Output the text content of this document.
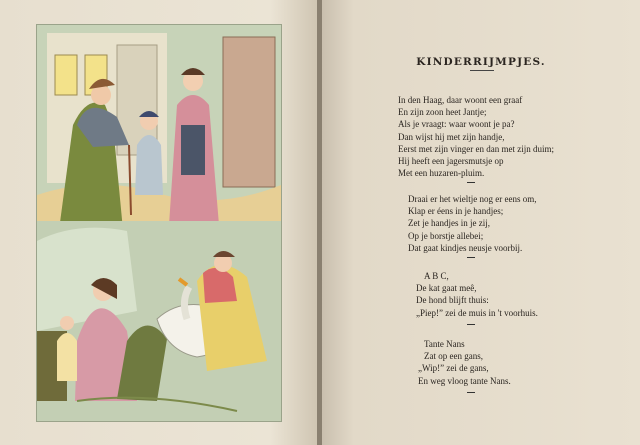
KINDERRIJMPJES.
In den Haag, daar woont een graaf
En zijn zoon heet Jantje;
Als je vraagt: waar woont je pa?
Dan wijst hij met zijn handje,
Eerst met zijn vinger en dan met zijn duim;
Hij heeft een jagersmutsje op
Met een huzaren-pluim.
Draai er het wieltje nog er eens om,
Klap er éens in je handjes;
Zet je handjes in je zij,
Op je borstje allebei;
Dat gaat kindjes neusje voorbij.
A B C,
De kat gaat meê,
De hond blijft thuis:
„Piep!” zei de muis in 't voorhuis.
Tante Nans
Zat op een gans,
„Wip!” zei de gans,
En weg vloog tante Nans.
